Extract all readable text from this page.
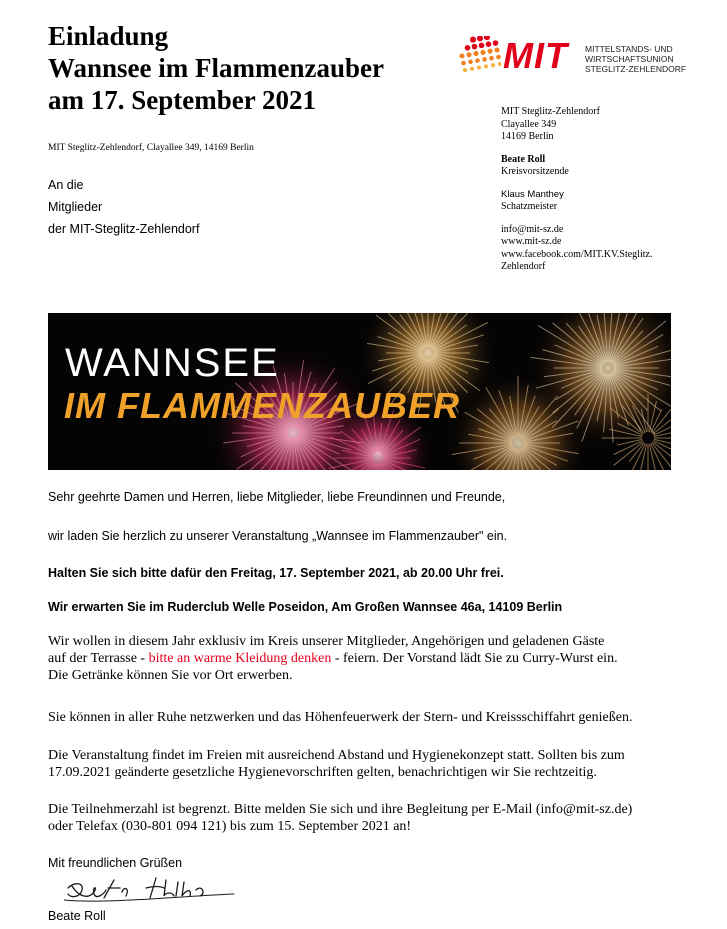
Einladung
Wannsee im Flammenzauber
am 17. September 2021
MIT Steglitz-Zehlendorf, Clayallee 349, 14169 Berlin
An die
Mitglieder
der MIT-Steglitz-Zehlendorf
MIT MITTELSTANDS- UND
WIRTSCHAFTSUNION
STEGLITZ-ZEHLENDORF
MIT Steglitz-Zehlendorf
Clayallee 349
14169 Berlin
Beate Roll
Kreisvorsitzende
Klaus Manthey
Schatzmeister
info@mit-sz.de
www.mit-sz.de
www.facebook.com/MIT.KV.Steglitz.
Zehlendorf
WANNSEE
IM FLAMMENZAUBER
Sehr geehrte Damen und Herren, liebe Mitglieder, liebe Freundinnen und Freunde,
wir laden Sie herzlich zu unserer Veranstaltung „Wannsee im Flammenzauber" ein.
Halten Sie sich bitte dafür den Freitag, 17. September 2021, ab 20.00 Uhr frei.
Wir erwarten Sie im Ruderclub Welle Poseidon, Am Großen Wannsee 46a, 14109 Berlin
Wir wollen in diesem Jahr exklusiv im Kreis unserer Mitglieder, Angehörigen und geladenen Gäste
auf der Terrasse - bitte an warme Kleidung denken - feiern. Der Vorstand lädt Sie zu Curry-Wurst ein.
Die Getränke können Sie vor Ort erwerben.
Sie können in aller Ruhe netzwerken und das Höhenfeuerwerk der Stern- und Kreissschiffahrt genießen.
Die Veranstaltung findet im Freien mit ausreichend Abstand und Hygienekonzept statt. Sollten bis zum
17.09.2021 geänderte gesetzliche Hygienevorschriften gelten, benachrichtigen wir Sie rechtzeitig.
Die Teilnehmerzahl ist begrenzt. Bitte melden Sie sich und ihre Begleitung per E-Mail (info@mit-sz.de)
oder Telefax (030-801 094 121) bis zum 15. September 2021 an!
Mit freundlichen Grüßen
Beate Roll
